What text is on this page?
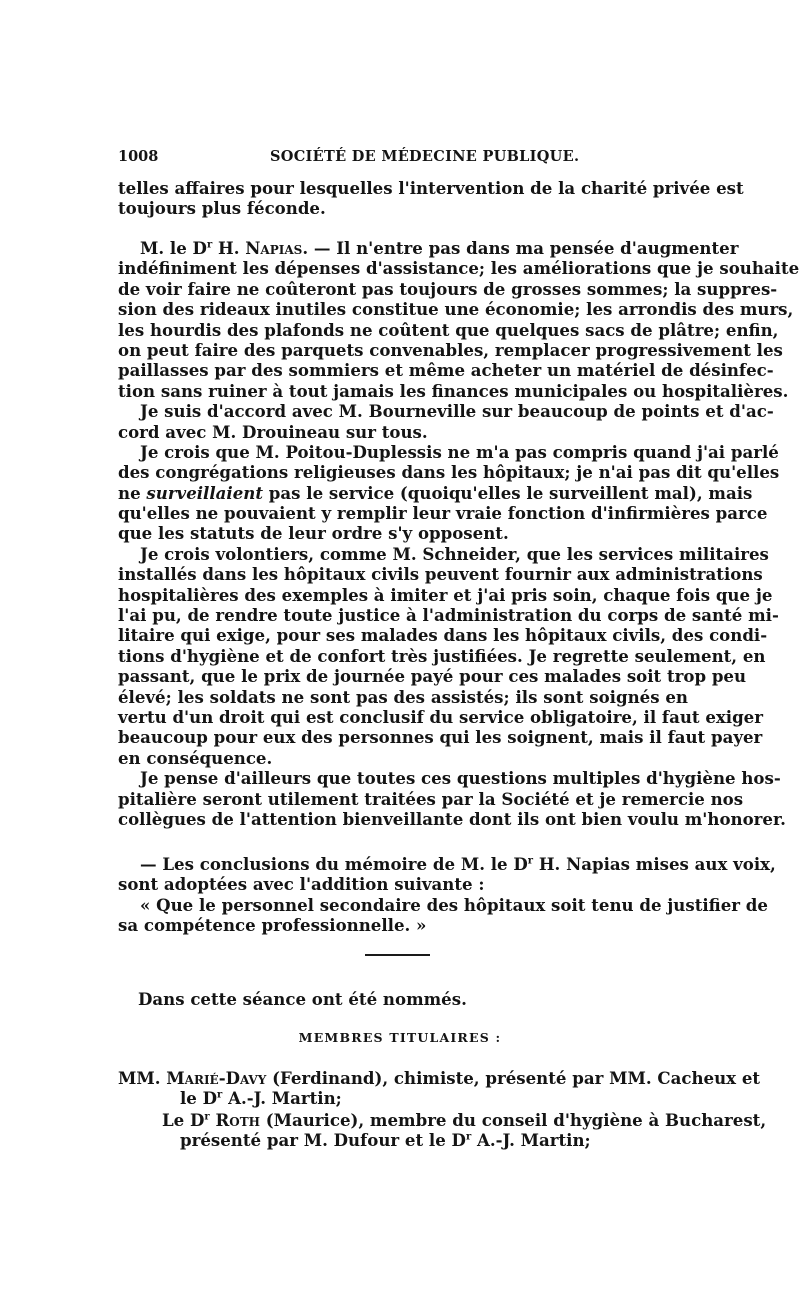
1008	SOCIÉTÉ DE MÉDECINE PUBLIQUE.
telles affaires pour lesquelles l'intervention de la charité privée est
toujours plus féconde.
M. le $D^r$ H. Napias. — Il n'entre pas dans ma pensée d'augmenter
indéfiniment les dépenses d'assistance; les améliorations que je souhaite
de voir faire ne coûteront pas toujours de grosses sommes; la suppres-
sion des rideaux inutiles constitue une économie; les arrondis des murs,
les hourdis des plafonds ne coûtent que quelques sacs de plâtre; enfin,
on peut faire des parquets convenables, remplacer progressivement les
paillasses par des sommiers et même acheter un matériel de désinfec-
tion sans ruiner à tout jamais les finances municipales ou hospitalières.
Je suis d'accord avec M. Bourneville sur beaucoup de points et d'ac-
cord avec M. Drouineau sur tous.
Je crois que M. Poitou-Duplessis ne m'a pas compris quand j'ai parlé
des congrégations religieuses dans les hôpitaux; je n'ai pas dit qu'elles
ne surveillaient pas le service (quoiqu'elles le surveillent mal), mais
qu'elles ne pouvaient y remplir leur vraie fonction d'infirmières parce
que les statuts de leur ordre s'y opposent.
Je crois volontiers, comme M. Schneider, que les services militaires
installés dans les hôpitaux civils peuvent fournir aux administrations
hospitalières des exemples à imiter et j'ai pris soin, chaque fois que je
l'ai pu, de rendre toute justice à l'administration du corps de santé mi-
litaire qui exige, pour ses malades dans les hôpitaux civils, des condi-
tions d'hygiène et de confort très justifiées. Je regrette seulement, en
passant, que le prix de journée payé pour ces malades soit trop peu
élevé; les soldats ne sont pas des assistés; ils sont soignés en
vertu d'un droit qui est conclusif du service obligatoire, il faut exiger
beaucoup pour eux des personnes qui les soignent, mais il faut payer
en conséquence.
Je pense d'ailleurs que toutes ces questions multiples d'hygiène hos-
pitalière seront utilement traitées par la Société et je remercie nos
collègues de l'attention bienveillante dont ils ont bien voulu m'honorer.
— Les conclusions du mémoire de M. le $D^r$ H. Napias mises aux voix,
sont adoptées avec l'addition suivante :
« Que le personnel secondaire des hôpitaux soit tenu de justifier de
sa compétence professionnelle. »
Dans cette séance ont été nommés.
MEMBRES TITULAIRES :
MM. Marié-Davy (Ferdinand), chimiste, présenté par MM. Cacheux et
le $D^r$ A.-J. Martin;
Le $D^r$ Roth (Maurice), membre du conseil d'hygiène à Bucharest,
présenté par M. Dufour et le $D^r$ A.-J. Martin;
